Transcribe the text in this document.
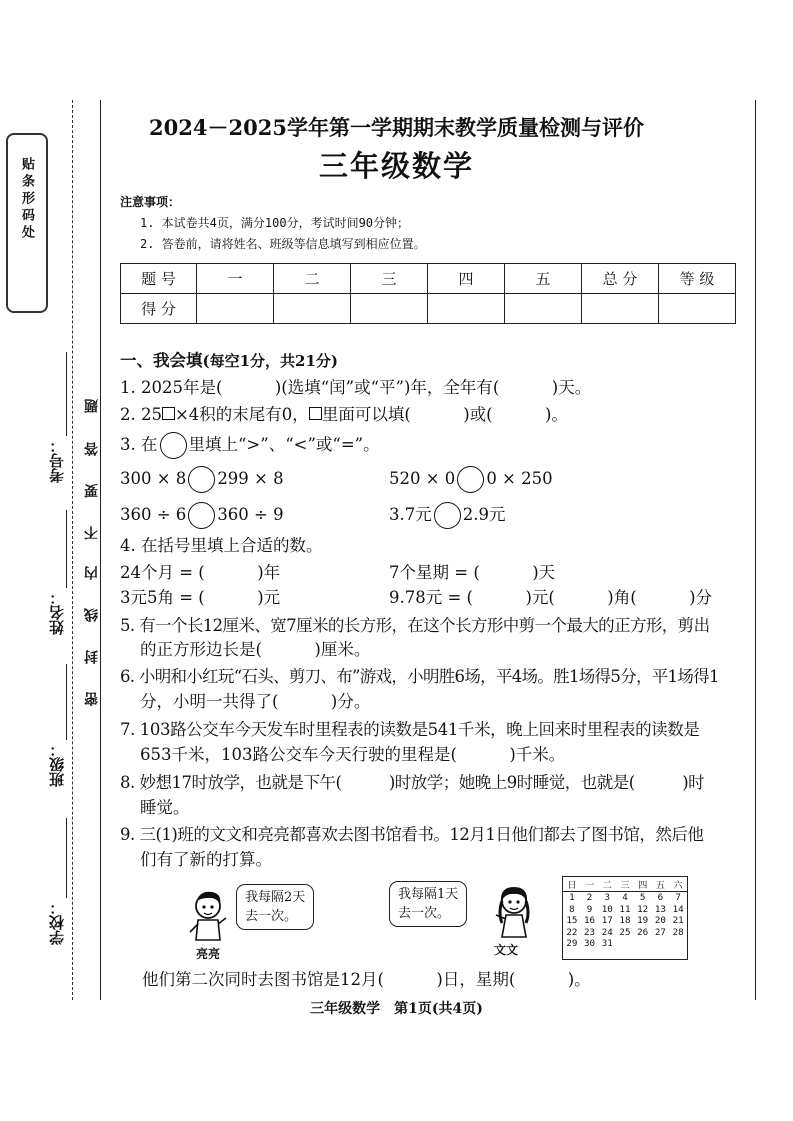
贴条形码处
考号：
姓名：
班级：
学校：
题
答
要
不
内
线
封
密
2024－2025学年第一学期期末教学质量检测与评价
三年级数学
注意事项：
1. 本试卷共4页，满分100分，考试时间90分钟；
2. 答卷前，请将姓名、班级等信息填写到相应位置。
题 号	一	二	三	四	五	总 分	等 级
得 分							
一、我会填(每空1分，共21分)
1. 2025年是(          )(选填“闰”或“平”)年，全年有(          )天。
2. 25 ×4积的末尾有0， 里面可以填(          )或(          )。
3. 在 里填上“>”、“<”或“=”。
300 × 8 299 × 8	520 × 0 0 × 250
360 ÷ 6 360 ÷ 9	3.7元 2.9元
4. 在括号里填上合适的数。
24个月 = (          )年	7个星期 = (          )天
3元5角 = (          )元	9.78元 = (          )元(          )角(          )分
5. 有一个长12厘米、宽7厘米的长方形，在这个长方形中剪一个最大的正方形，剪出
的正方形边长是(          )厘米。
6. 小明和小红玩“石头、剪刀、布”游戏，小明胜6场，平4场。胜1场得5分，平1场得1
分，小明一共得了(          )分。
7. 103路公交车今天发车时里程表的读数是541千米，晚上回来时里程表的读数是
653千米，103路公交车今天行驶的里程是(          )千米。
8. 妙想17时放学，也就是下午(          )时放学；她晚上9时睡觉，也就是(          )时
睡觉。
9. 三(1)班的文文和亮亮都喜欢去图书馆看书。12月1日他们都去了图书馆，然后他
们有了新的打算。
我每隔2天
去一次。
亮亮
我每隔1天
去一次。
文文
日	一	二	三	四	五	六
1	2	3	4	5	6	7
8	9	10	11	12	13	14
15	16	17	18	19	20	21
22	23	24	25	26	27	28
29	30	31				
他们第二次同时去图书馆是12月(          )日，星期(          )。
三年级数学　第1页(共4页)
